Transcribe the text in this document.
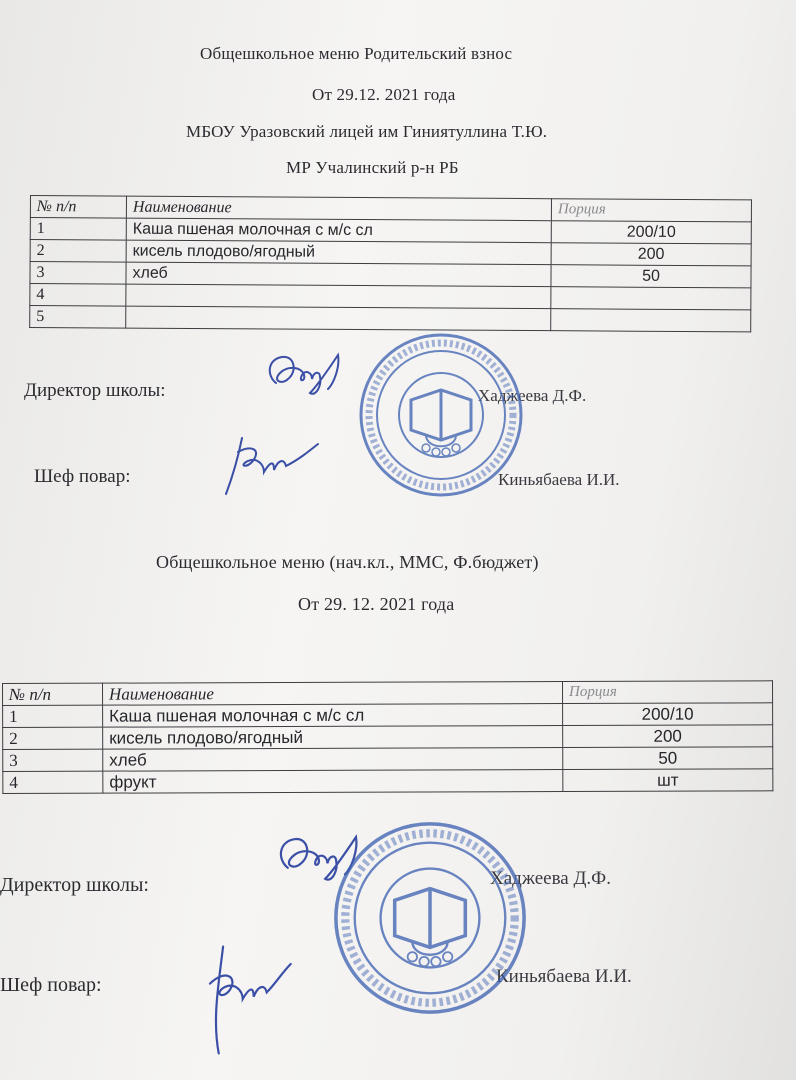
Общешкольное меню Родительский взнос
От 29.12. 2021 года
МБОУ Уразовский лицей им Гиниятуллина Т.Ю.
МР Учалинский р-н РБ
№ п/п	Наименование	Порция
1	Каша пшеная молочная с м/с сл	200/10
2	кисель плодово/ягодный	200
3	хлеб	50
4		
5		
Директор школы:	Хаджеева Д.Ф.
Шеф повар:	Киньябаева И.И.
Общешкольное меню (нач.кл., ММС, Ф.бюджет)
От 29. 12. 2021 года
№ п/п	Наименование	Порция
1	Каша пшеная молочная с м/с сл	200/10
2	кисель плодово/ягодный	200
3	хлеб	50
4	фрукт	шт
Директор школы:	Хаджеева Д.Ф.
Шеф повар:	Киньябаева И.И.
